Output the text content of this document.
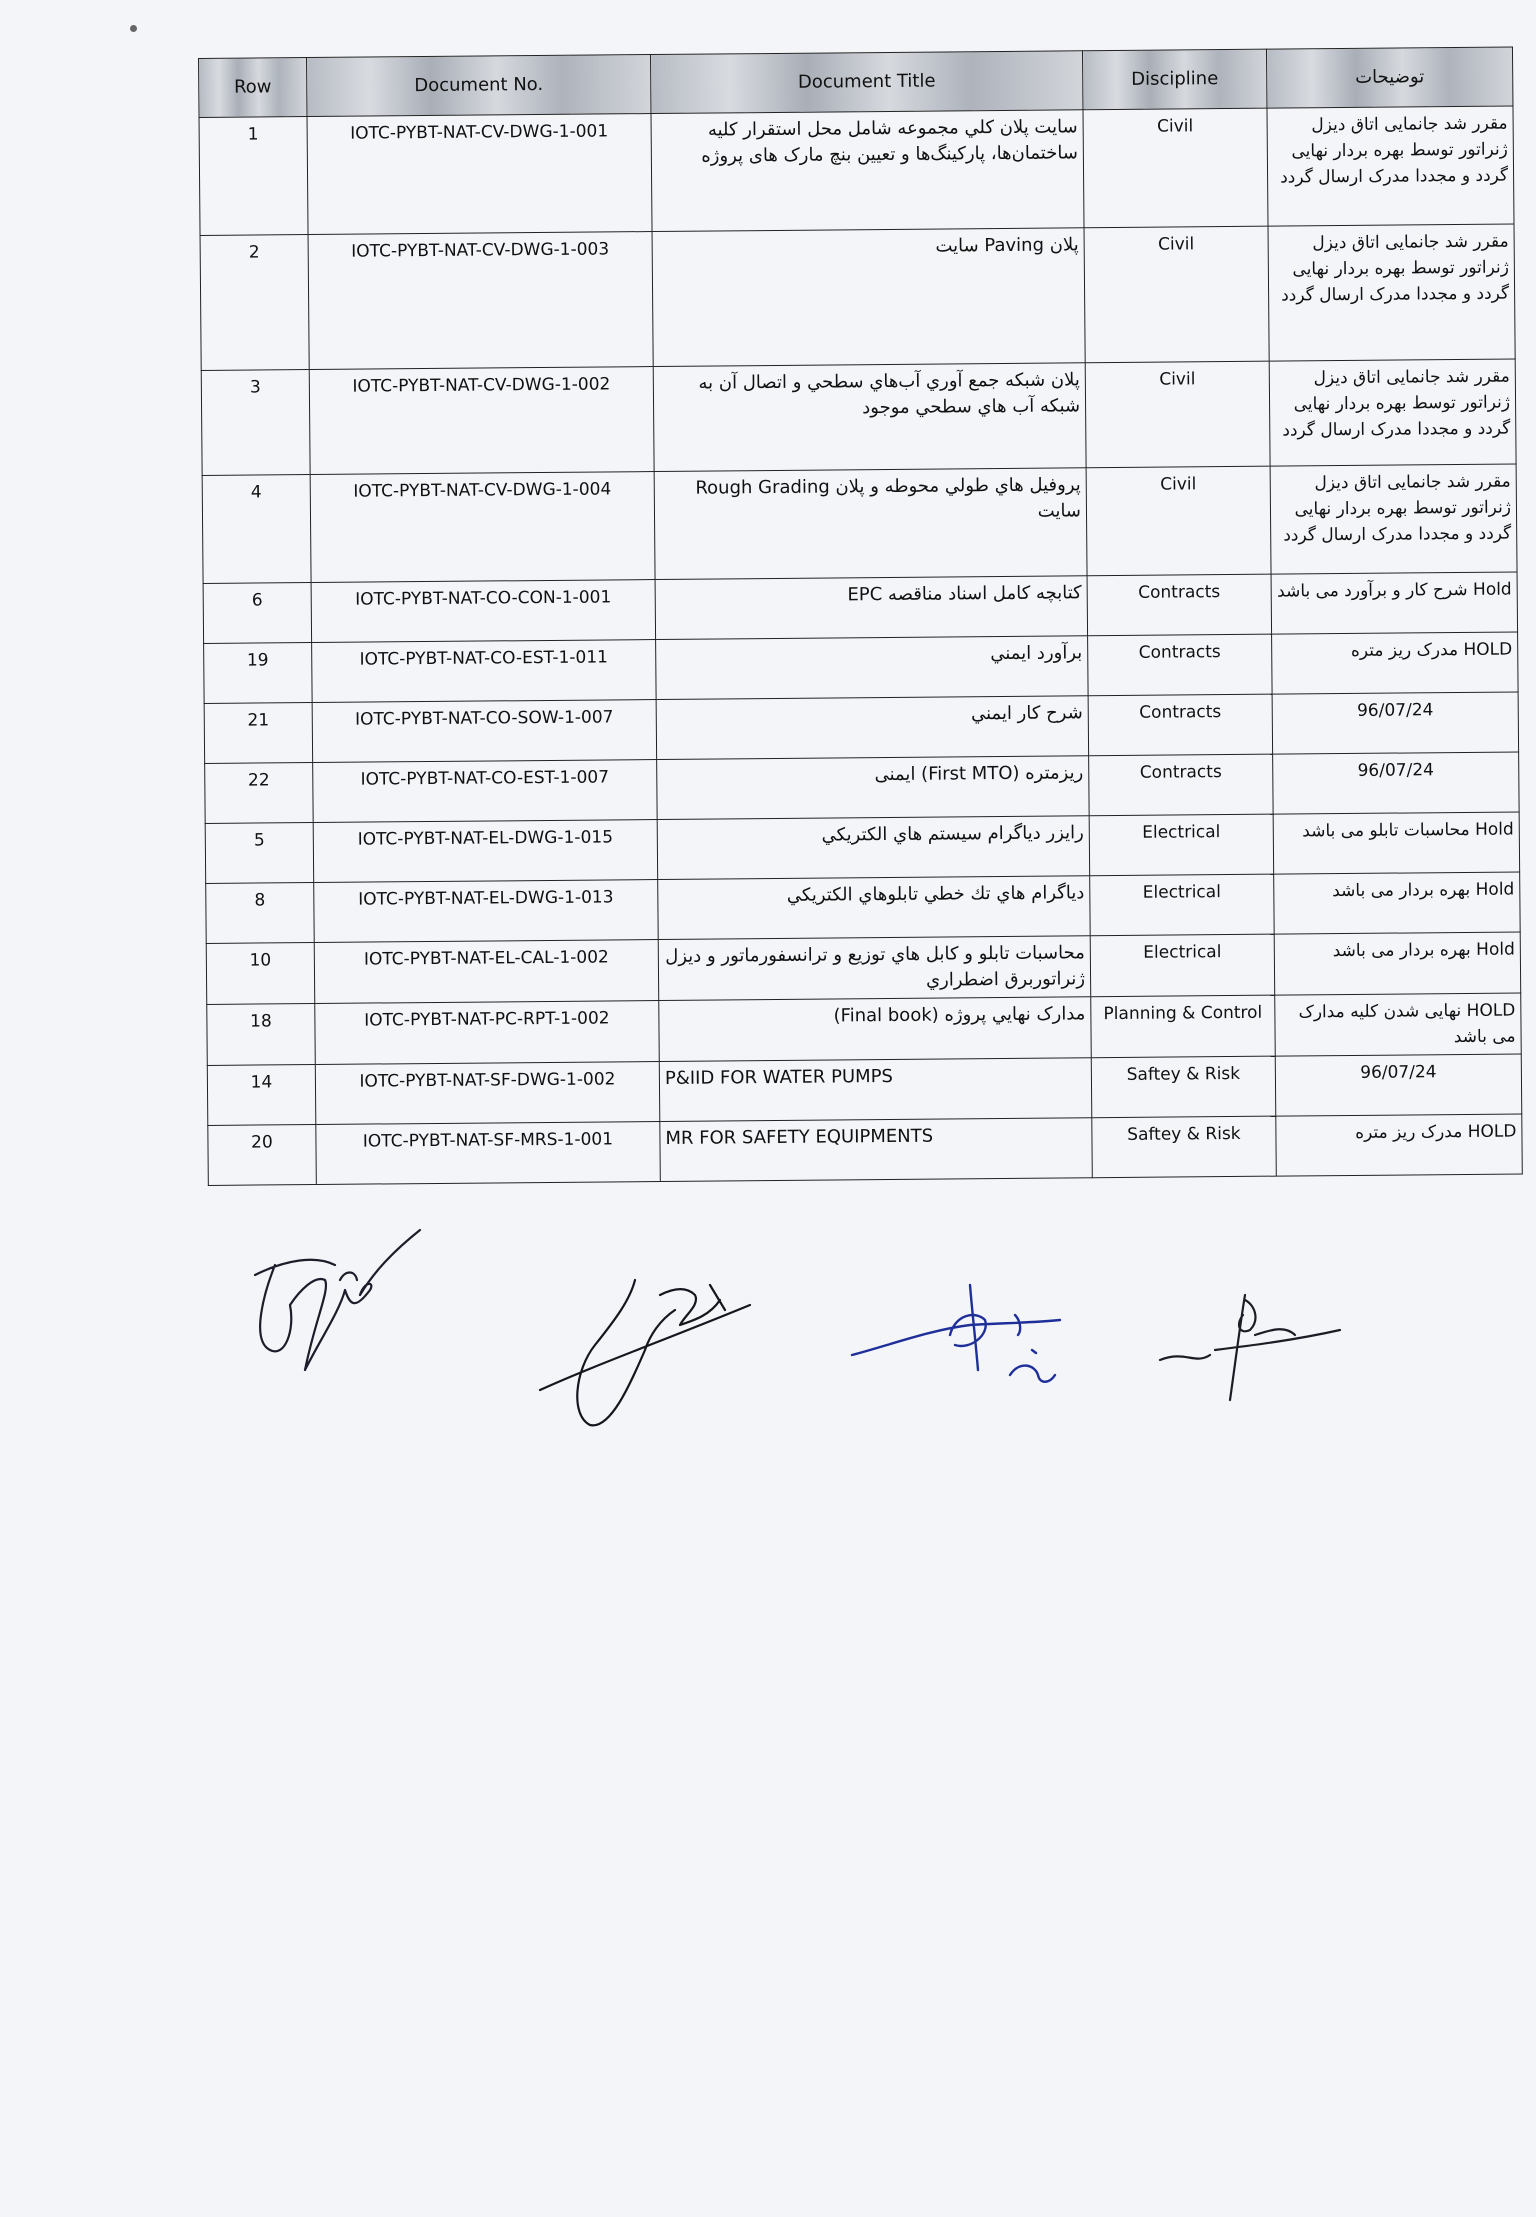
Row	Document No.	Document Title	Discipline	توضیحات
1	IOTC-PYBT-NAT-CV-DWG-1-001	سایت پلان کلي مجموعه شامل محل استقرار کلیه ساختمان‌ها، پارکینگ‌ها و تعیین بنچ مارک های پروژه	Civil	مقرر شد جانمایی اتاق دیزل ژنراتور توسط بهره بردار نهایی گردد و مجددا مدرک ارسال گردد
2	IOTC-PYBT-NAT-CV-DWG-1-003	پلان Paving سایت	Civil	مقرر شد جانمایی اتاق دیزل ژنراتور توسط بهره بردار نهایی گردد و مجددا مدرک ارسال گردد
3	IOTC-PYBT-NAT-CV-DWG-1-002	پلان شبکه جمع آوري آب‌هاي سطحي و اتصال آن به شبکه آب هاي سطحي موجود	Civil	مقرر شد جانمایی اتاق دیزل ژنراتور توسط بهره بردار نهایی گردد و مجددا مدرک ارسال گردد
4	IOTC-PYBT-NAT-CV-DWG-1-004	پروفیل هاي طولي محوطه و پلان Rough Grading سایت	Civil	مقرر شد جانمایی اتاق دیزل ژنراتور توسط بهره بردار نهایی گردد و مجددا مدرک ارسال گردد
6	IOTC-PYBT-NAT-CO-CON-1-001	کتابچه کامل اسناد مناقصه EPC	Contracts	Hold شرح کار و برآورد می باشد
19	IOTC-PYBT-NAT-CO-EST-1-011	برآورد ایمني	Contracts	HOLD مدرک ریز متره
21	IOTC-PYBT-NAT-CO-SOW-1-007	شرح کار ایمني	Contracts	96/07/24
22	IOTC-PYBT-NAT-CO-EST-1-007	ریزمتره (First MTO) ایمنی	Contracts	96/07/24
5	IOTC-PYBT-NAT-EL-DWG-1-015	رایزر دیاگرام سیستم هاي الکتریکي	Electrical	Hold محاسبات تابلو می باشد
8	IOTC-PYBT-NAT-EL-DWG-1-013	دیاگرام هاي تك خطي تابلوهاي الکتریکي	Electrical	Hold بهره بردار می باشد
10	IOTC-PYBT-NAT-EL-CAL-1-002	محاسبات تابلو و کابل هاي توزیع و ترانسفورماتور و دیزل ژنراتوربرق اضطراري	Electrical	Hold بهره بردار می باشد
18	IOTC-PYBT-NAT-PC-RPT-1-002	مدارک نهایي پروژه (Final book)	Planning & Control	HOLD نهایی شدن کلیه مدارک می باشد
14	IOTC-PYBT-NAT-SF-DWG-1-002	P&IID FOR WATER PUMPS	Saftey & Risk	96/07/24
20	IOTC-PYBT-NAT-SF-MRS-1-001	MR FOR SAFETY EQUIPMENTS	Saftey & Risk	HOLD مدرک ریز متره
